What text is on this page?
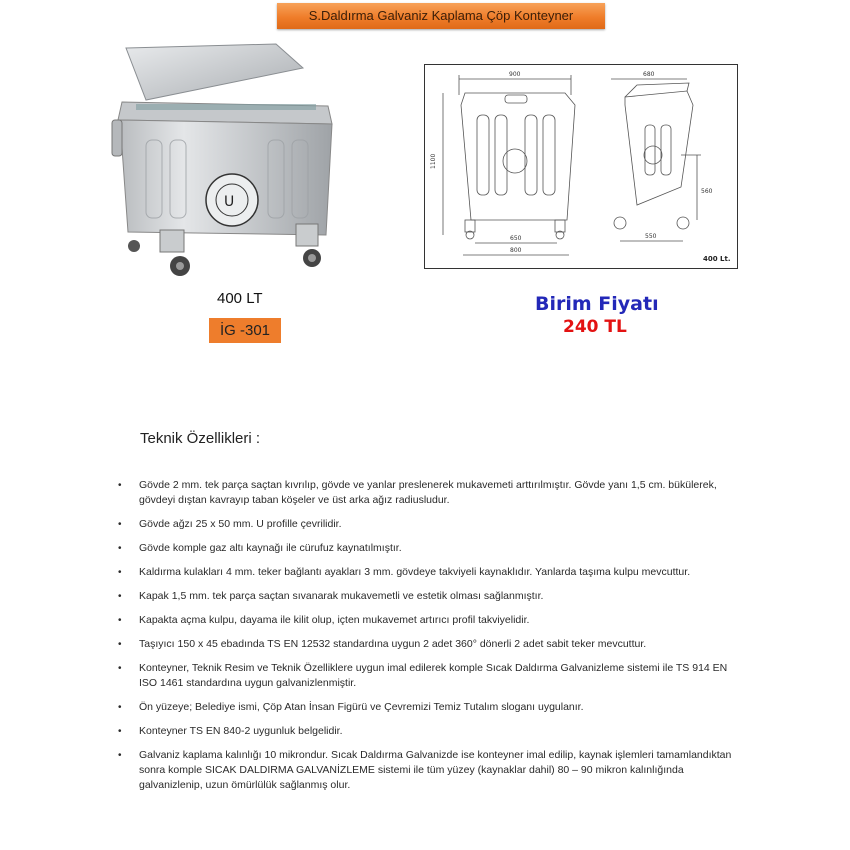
S.Daldırma Galvaniz Kaplama Çöp Konteyner
U
900
1100
650
800
680
560
550
400 Lt.
400 LT
İG -301
Birim Fiyatı
240 TL
Teknik Özellikleri :
• Gövde 2 mm. tek parça saçtan kıvrılıp, gövde ve yanlar preslenerek mukavemeti arttırılmıştır. Gövde yanı 1,5 cm. bükülerek, gövdeyi dıştan kavrayıp taban köşeler ve üst arka ağız radiusludur.
• Gövde ağzı 25 x 50 mm. U profille çevrilidir.
• Gövde komple gaz altı kaynağı ile cürufuz kaynatılmıştır.
• Kaldırma kulakları 4 mm. teker bağlantı ayakları 3 mm. gövdeye takviyeli kaynaklıdır. Yanlarda taşıma kulpu mevcuttur.
• Kapak 1,5 mm. tek parça saçtan sıvanarak mukavemetli ve estetik olması sağlanmıştır.
• Kapakta açma kulpu, dayama ile kilit olup, içten mukavemet artırıcı profil takviyelidir.
• Taşıyıcı 150 x 45 ebadında TS EN 12532 standardına uygun 2 adet 360° dönerli 2 adet sabit teker mevcuttur.
• Konteyner, Teknik Resim ve Teknik Özelliklere uygun imal edilerek komple Sıcak Daldırma Galvanizleme sistemi ile TS 914 EN ISO 1461 standardına uygun galvanizlenmiştir.
• Ön yüzeye; Belediye ismi, Çöp Atan İnsan Figürü ve Çevremizi Temiz Tutalım sloganı uygulanır.
• Konteyner TS EN 840-2 uygunluk belgelidir.
• Galvaniz kaplama kalınlığı 10 mikrondur. Sıcak Daldırma Galvanizde ise konteyner imal edilip, kaynak işlemleri tamamlandıktan sonra komple SICAK DALDIRMA GALVANİZLEME sistemi ile tüm yüzey (kaynaklar dahil) 80 – 90 mikron kalınlığında galvanizlenip, uzun ömürlülük sağlanmış olur.
